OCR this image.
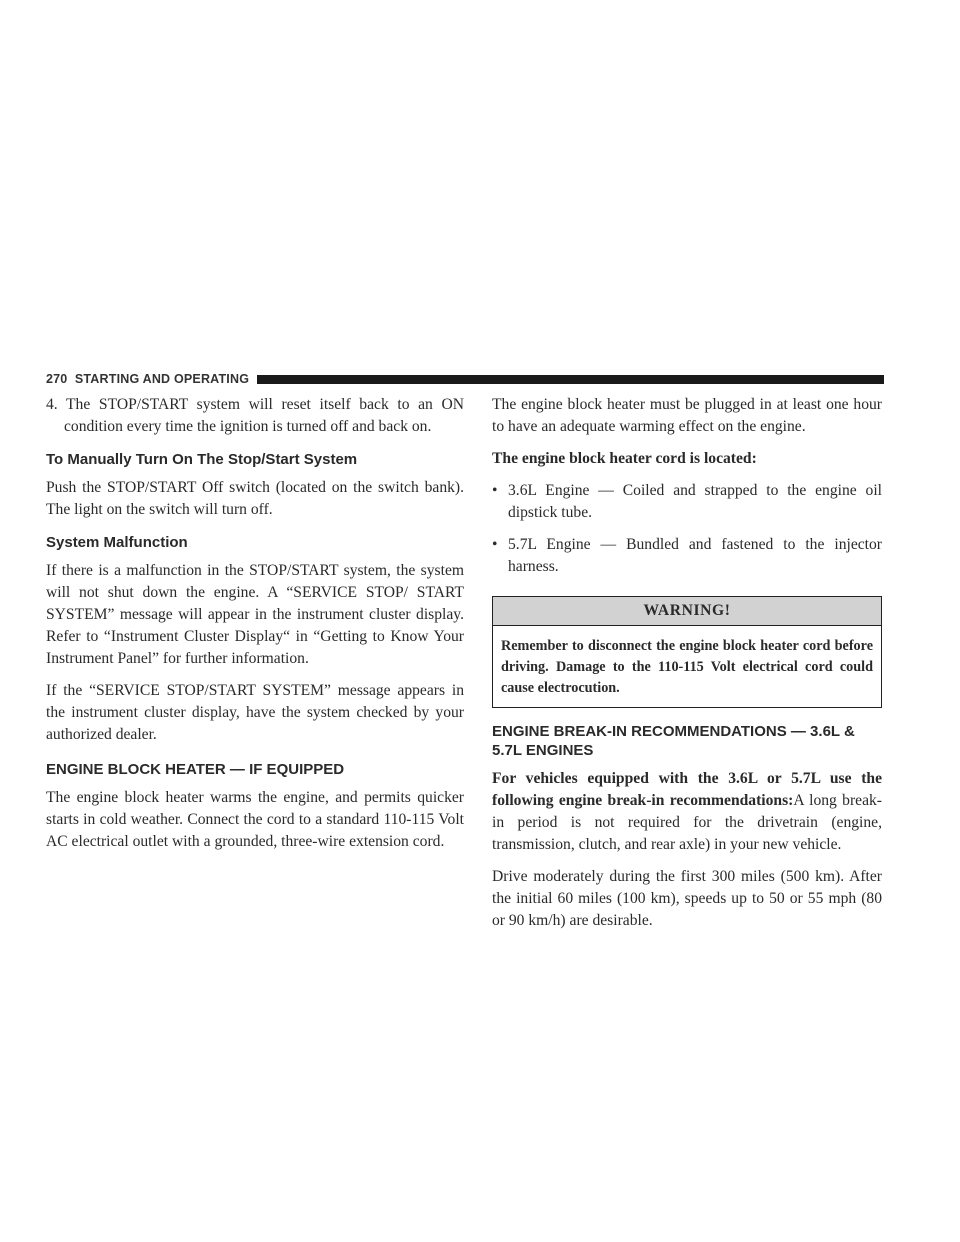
270 STARTING AND OPERATING

4. The STOP/START system will reset itself back to an ON condition every time the ignition is turned off and back on.

To Manually Turn On The Stop/Start System

Push the STOP/START Off switch (located on the switch bank). The light on the switch will turn off.

System Malfunction

If there is a malfunction in the STOP/START system, the system will not shut down the engine. A “SERVICE STOP/ START SYSTEM” message will appear in the instrument cluster display. Refer to “Instrument Cluster Display“ in “Getting to Know Your Instrument Panel” for further information.

If the “SERVICE STOP/START SYSTEM” message appears in the instrument cluster display, have the system checked by your authorized dealer.

ENGINE BLOCK HEATER — IF EQUIPPED

The engine block heater warms the engine, and permits quicker starts in cold weather. Connect the cord to a standard 110-115 Volt AC electrical outlet with a grounded, three-wire extension cord.

The engine block heater must be plugged in at least one hour to have an adequate warming effect on the engine.

The engine block heater cord is located:

• 3.6L Engine — Coiled and strapped to the engine oil dipstick tube.
• 5.7L Engine — Bundled and fastened to the injector harness.
WARNING!
Remember to disconnect the engine block heater cord before driving. Damage to the 110-115 Volt electrical cord could cause electrocution.
ENGINE BREAK-IN RECOMMENDATIONS — 3.6L & 5.7L ENGINES

For vehicles equipped with the 3.6L or 5.7L use the following engine break-in recommendations:A long break-in period is not required for the drivetrain (engine, transmission, clutch, and rear axle) in your new vehicle.

Drive moderately during the first 300 miles (500 km). After the initial 60 miles (100 km), speeds up to 50 or 55 mph (80 or 90 km/h) are desirable.
